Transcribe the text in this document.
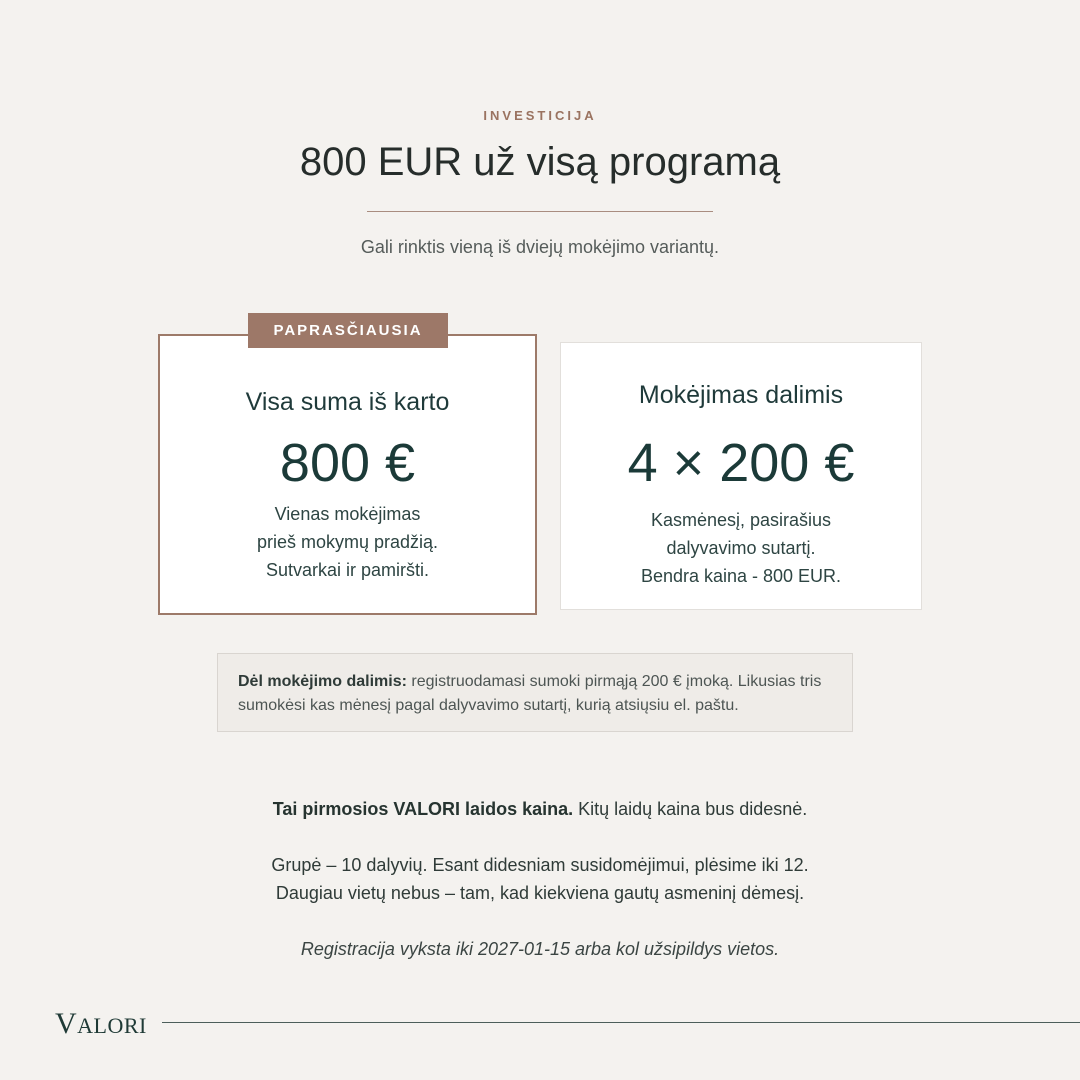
INVESTICIJA
800 EUR už visą programą
Gali rinktis vieną iš dviejų mokėjimo variantų.
Visa suma iš karto
800 €
Vienas mokėjimas
prieš mokymų pradžią.
Sutvarkai ir pamiršti.
PAPRASČIAUSIA
Mokėjimas dalimis
4 × 200 €
Kasmėnesį, pasirašius
dalyvavimo sutartį.
Bendra kaina - 800 EUR.
Dėl mokėjimo dalimis: registruodamasi sumoki pirmąją 200 € įmoką. Likusias tris sumokėsi kas mėnesį pagal dalyvavimo sutartį, kurią atsiųsiu el. paštu.
Tai pirmosios VALORI laidos kaina. Kitų laidų kaina bus didesnė.
Grupė – 10 dalyvių. Esant didesniam susidomėjimui, plėsime iki 12.
Daugiau vietų nebus – tam, kad kiekviena gautų asmeninį dėmesį.
Registracija vyksta iki 2027-01-15 arba kol užsipildys vietos.
VALORI
